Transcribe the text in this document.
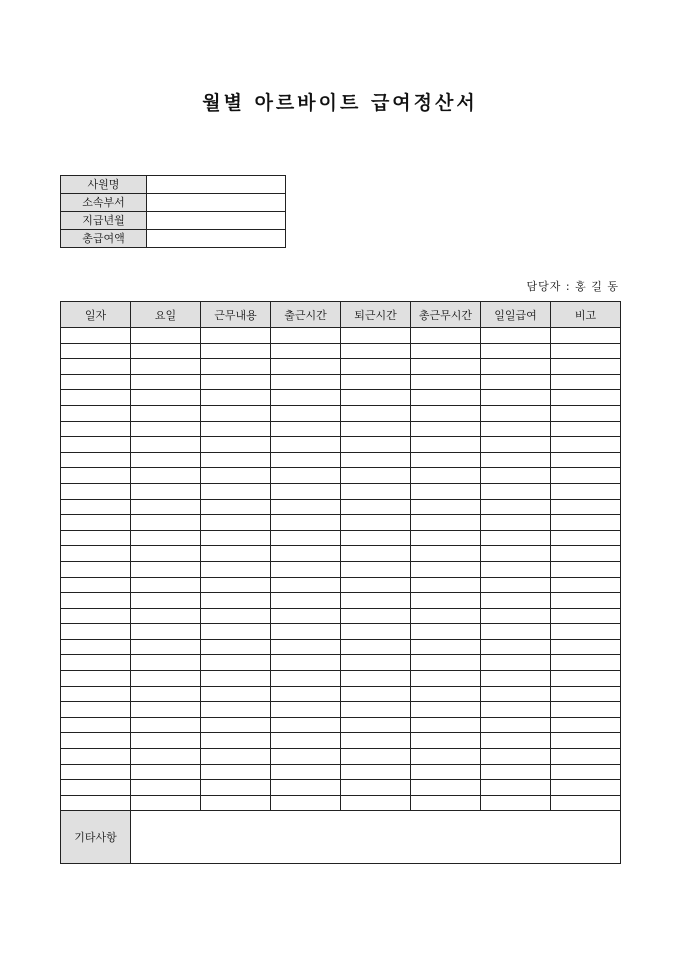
월별 아르바이트 급여정산서
사원명	
소속부서	
지급년월	
총급여액	
담당자 : 홍 길 동
일자	요일	근무내용	출근시간	퇴근시간	총근무시간	일일급여	비고

기타사항							
